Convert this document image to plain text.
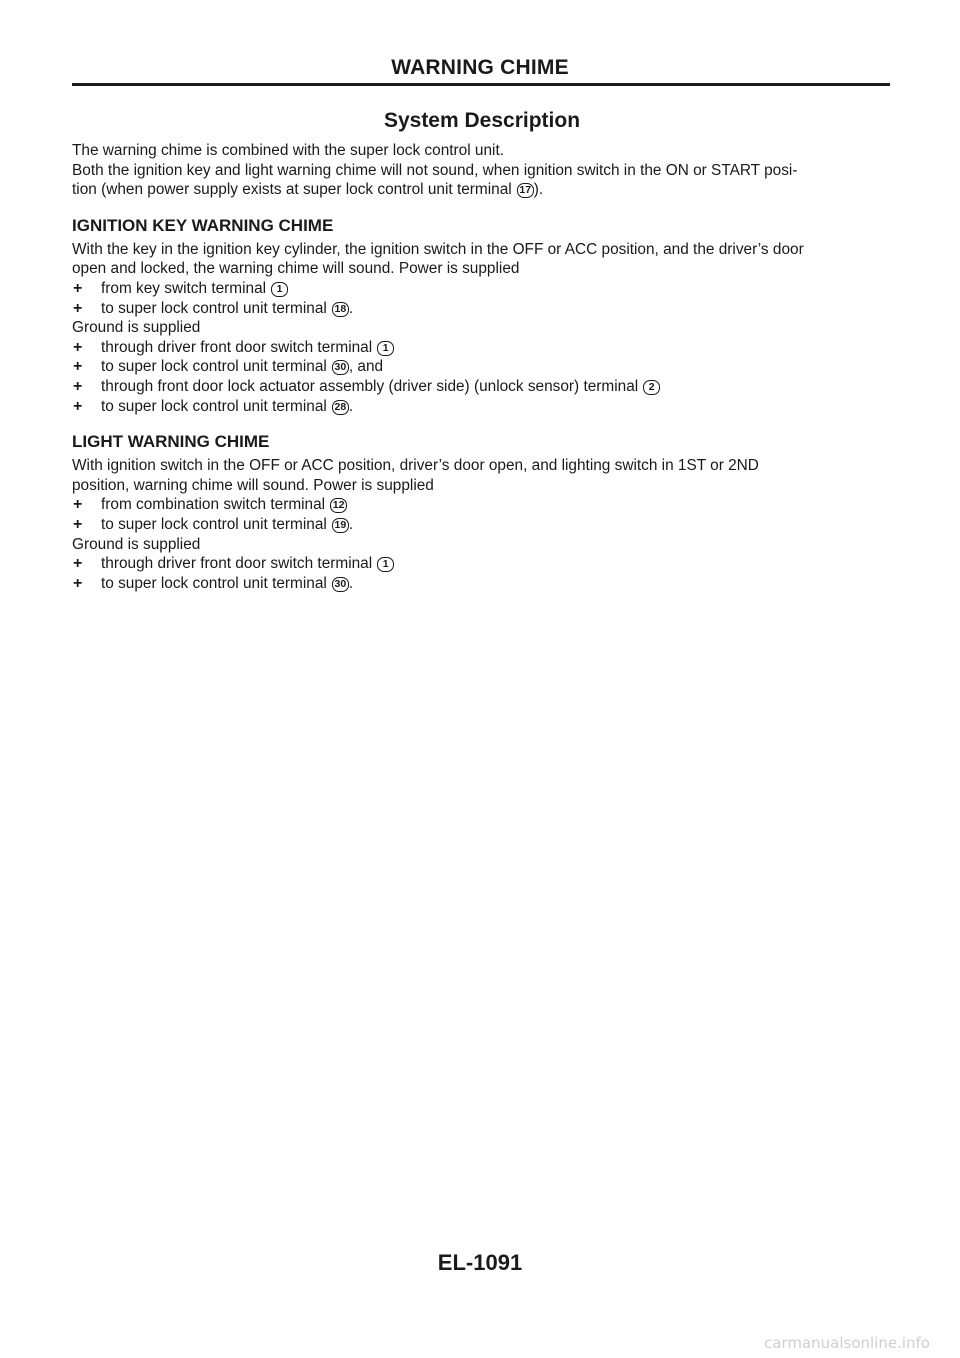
WARNING CHIME
System Description

The warning chime is combined with the super lock control unit.

Both the ignition key and light warning chime will not sound, when ignition switch in the ON or START posi-

tion (when power supply exists at super lock control unit terminal 17 ).

IGNITION KEY WARNING CHIME

With the key in the ignition key cylinder, the ignition switch in the OFF or ACC position, and the driver’s door

open and locked, the warning chime will sound. Power is supplied

+	from key switch terminal 1
+	to super lock control unit terminal 18 .

Ground is supplied

+	through driver front door switch terminal 1
+	to super lock control unit terminal 30 , and
+	through front door lock actuator assembly (driver side) (unlock sensor) terminal 2
+	to super lock control unit terminal 28 .
LIGHT WARNING CHIME

With ignition switch in the OFF or ACC position, driver’s door open, and lighting switch in 1ST or 2ND

position, warning chime will sound. Power is supplied

+	from combination switch terminal 12
+	to super lock control unit terminal 19 .

Ground is supplied

+	through driver front door switch terminal 1
+	to super lock control unit terminal 30 .
EL-1091
carmanualsonline.info
